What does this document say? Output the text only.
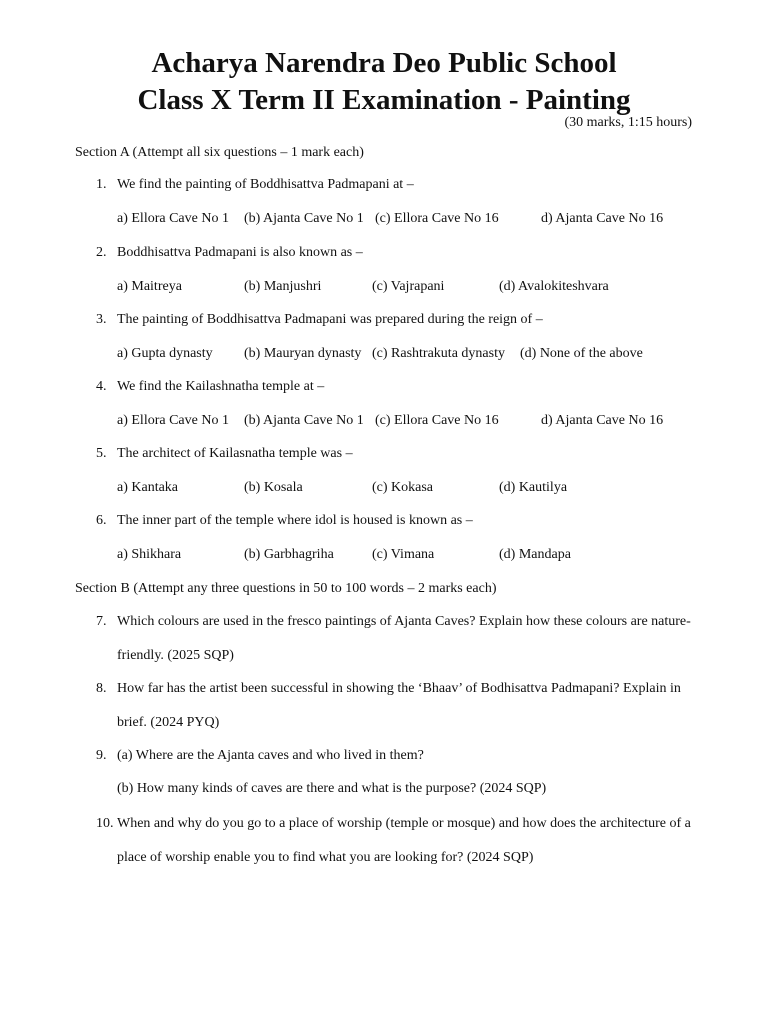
Acharya Narendra Deo Public School
Class X Term II Examination - Painting
(30 marks, 1:15 hours)
Section A (Attempt all six questions – 1 mark each)
1. We find the painting of Boddhisattva Padmapani at –
a) Ellora Cave No 1 (b) Ajanta Cave No 1 (c) Ellora Cave No 16	d) Ajanta Cave No 16
2. Boddhisattva Padmapani is also known as –
a) Maitreya	(b) Manjushri	(c) Vajrapani	(d) Avalokiteshvara
3. The painting of Boddhisattva Padmapani was prepared during the reign of –
a) Gupta dynasty (b) Mauryan dynasty (c) Rashtrakuta dynasty (d) None of the above
4. We find the Kailashnatha temple at –
a) Ellora Cave No 1 (b) Ajanta Cave No 1 (c) Ellora Cave No 16	d) Ajanta Cave No 16
5. The architect of Kailasnatha temple was –
a) Kantaka	(b) Kosala	(c) Kokasa	(d) Kautilya
6. The inner part of the temple where idol is housed is known as –
a) Shikhara	(b) Garbhagriha	(c) Vimana	(d) Mandapa
Section B (Attempt any three questions in 50 to 100 words – 2 marks each)
7. Which colours are used in the fresco paintings of Ajanta Caves? Explain how these colours are nature-friendly. (2025 SQP)
8. How far has the artist been successful in showing the ‘Bhaav’ of Bodhisattva Padmapani? Explain in brief. (2024 PYQ)
9. (a) Where are the Ajanta caves and who lived in them?
(b) How many kinds of caves are there and what is the purpose? (2024 SQP)
10. When and why do you go to a place of worship (temple or mosque) and how does the architecture of a place of worship enable you to find what you are looking for? (2024 SQP)
